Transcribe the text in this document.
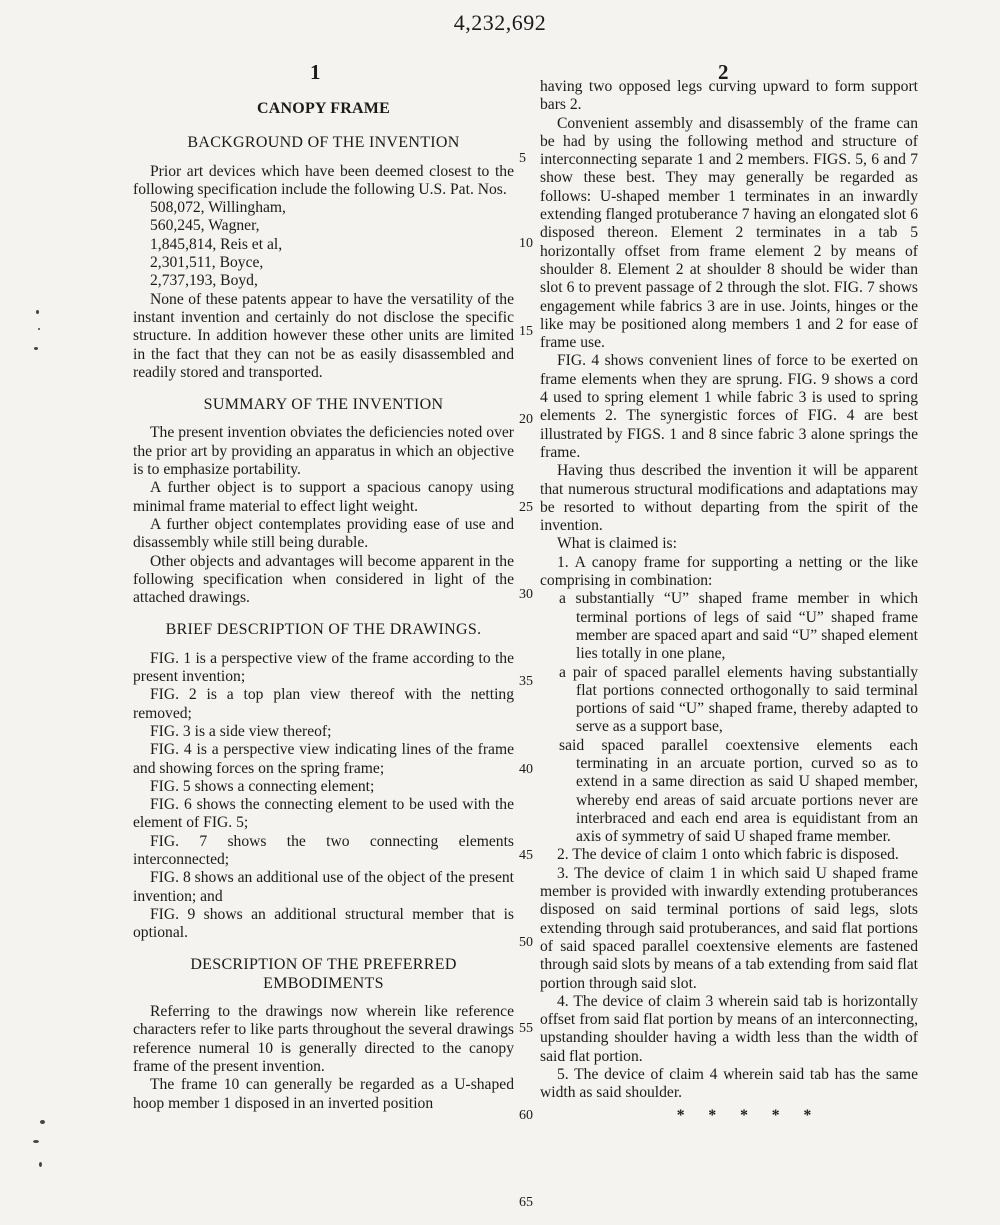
4,232,692
1	2
CANOPY FRAME
BACKGROUND OF THE INVENTION

Prior art devices which have been deemed closest to the following specification include the following U.S. Pat. Nos.

508,072, Willingham,
560,245, Wagner,
1,845,814, Reis et al,
2,301,511, Boyce,
2,737,193, Boyd,

None of these patents appear to have the versatility of the instant invention and certainly do not disclose the specific structure. In addition however these other units are limited in the fact that they can not be as easily disassembled and readily stored and transported.

SUMMARY OF THE INVENTION

The present invention obviates the deficiencies noted over the prior art by providing an apparatus in which an objective is to emphasize portability.

A further object is to support a spacious canopy using minimal frame material to effect light weight.

A further object contemplates providing ease of use and disassembly while still being durable.

Other objects and advantages will become apparent in the following specification when considered in light of the attached drawings.

BRIEF DESCRIPTION OF THE DRAWINGS.

FIG. 1 is a perspective view of the frame according to the present invention;

FIG. 2 is a top plan view thereof with the netting removed;

FIG. 3 is a side view thereof;

FIG. 4 is a perspective view indicating lines of the frame and showing forces on the spring frame;

FIG. 5 shows a connecting element;

FIG. 6 shows the connecting element to be used with the element of FIG. 5;

FIG. 7 shows the two connecting elements interconnected;

FIG. 8 shows an additional use of the object of the present invention; and

FIG. 9 shows an additional structural member that is optional.

DESCRIPTION OF THE PREFERRED
EMBODIMENTS

Referring to the drawings now wherein like reference characters refer to like parts throughout the several drawings reference numeral 10 is generally directed to the canopy frame of the present invention.

The frame 10 can generally be regarded as a U-shaped hoop member 1 disposed in an inverted position

having two opposed legs curving upward to form support bars 2.

Convenient assembly and disassembly of the frame can be had by using the following method and structure of interconnecting separate 1 and 2 members. FIGS. 5, 6 and 7 show these best. They may generally be regarded as follows: U-shaped member 1 terminates in an inwardly extending flanged protuberance 7 having an elongated slot 6 disposed thereon. Element 2 terminates in a tab 5 horizontally offset from frame element 2 by means of shoulder 8. Element 2 at shoulder 8 should be wider than slot 6 to prevent passage of 2 through the slot. FIG. 7 shows engagement while fabrics 3 are in use. Joints, hinges or the like may be positioned along members 1 and 2 for ease of frame use.

FIG. 4 shows convenient lines of force to be exerted on frame elements when they are sprung. FIG. 9 shows a cord 4 used to spring element 1 while fabric 3 is used to spring elements 2. The synergistic forces of FIG. 4 are best illustrated by FIGS. 1 and 8 since fabric 3 alone springs the frame.

Having thus described the invention it will be apparent that numerous structural modifications and adaptations may be resorted to without departing from the spirit of the invention.

What is claimed is:

1. A canopy frame for supporting a netting or the like comprising in combination:

a substantially “U” shaped frame member in which terminal portions of legs of said “U” shaped frame member are spaced apart and said “U” shaped element lies totally in one plane,
a pair of spaced parallel elements having substantially flat portions connected orthogonally to said terminal portions of said “U” shaped frame, thereby adapted to serve as a support base,
said spaced parallel coextensive elements each terminating in an arcuate portion, curved so as to extend in a same direction as said U shaped member, whereby end areas of said arcuate portions never are interbraced and each end area is equidistant from an axis of symmetry of said U shaped frame member.

2. The device of claim 1 onto which fabric is disposed.

3. The device of claim 1 in which said U shaped frame member is provided with inwardly extending protuberances disposed on said terminal portions of said legs, slots extending through said protuberances, and said flat portions of said spaced parallel coextensive elements are fastened through said slots by means of a tab extending from said flat portion through said slot.

4. The device of claim 3 wherein said tab is horizontally offset from said flat portion by means of an interconnecting, upstanding shoulder having a width less than the width of said flat portion.

5. The device of claim 4 wherein said tab has the same width as said shoulder.

* * * * *
5
10
15
20
25
30
35
40
45
50
55
60
65
